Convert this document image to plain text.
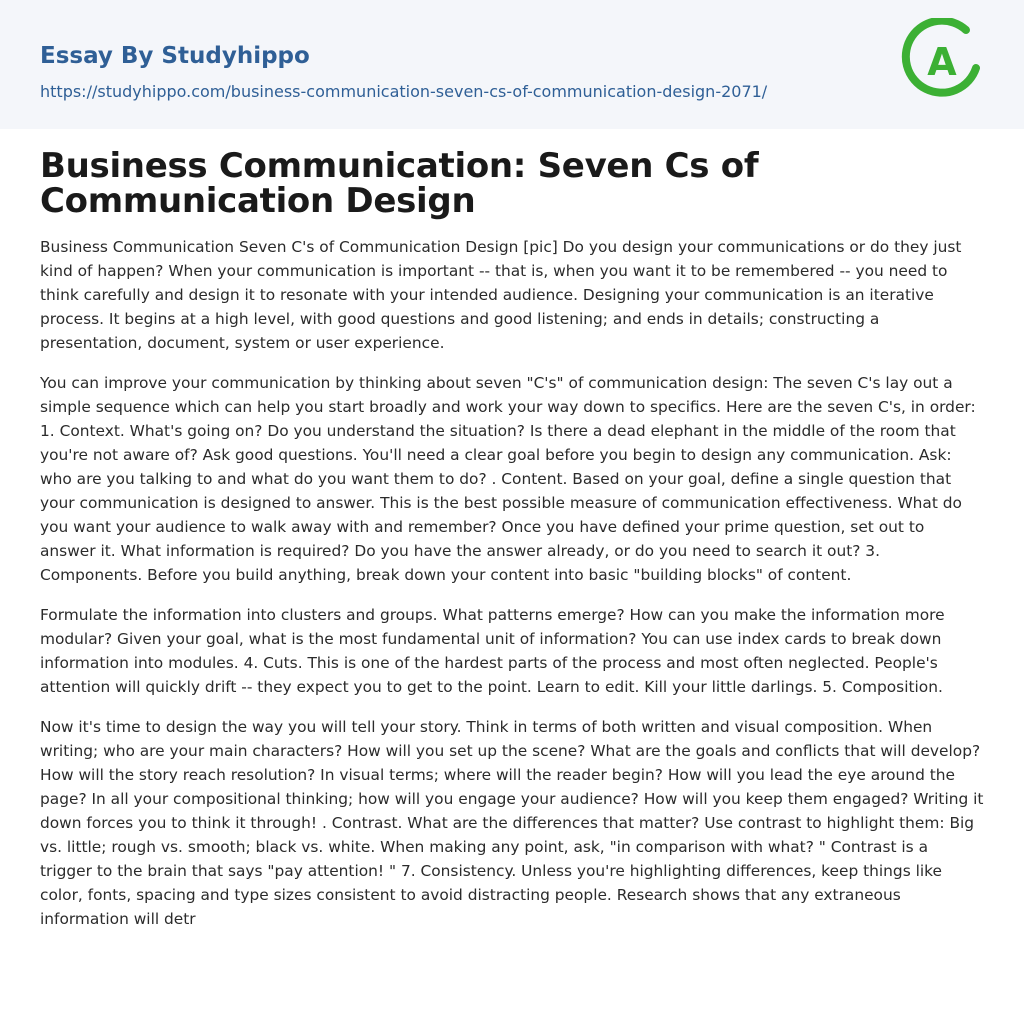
Essay By Studyhippo
https://studyhippo.com/business-communication-seven-cs-of-communication-design-2071/
A
Business Communication: Seven Cs of Communication Design

Business Communication Seven C's of Communication Design [pic] Do you design your communications or do they just kind of happen? When your communication is important -- that is, when you want it to be remembered -- you need to think carefully and design it to resonate with your intended audience. Designing your communication is an iterative process. It begins at a high level, with good questions and good listening; and ends in details; constructing a presentation, document, system or user experience.

You can improve your communication by thinking about seven "C's" of communication design: The seven C's lay out a simple sequence which can help you start broadly and work your way down to specifics. Here are the seven C's, in order: 1. Context. What's going on? Do you understand the situation? Is there a dead elephant in the middle of the room that you're not aware of? Ask good questions. You'll need a clear goal before you begin to design any communication. Ask: who are you talking to and what do you want them to do? . Content. Based on your goal, define a single question that your communication is designed to answer. This is the best possible measure of communication effectiveness. What do you want your audience to walk away with and remember? Once you have defined your prime question, set out to answer it. What information is required? Do you have the answer already, or do you need to search it out? 3. Components. Before you build anything, break down your content into basic "building blocks" of content.

Formulate the information into clusters and groups. What patterns emerge? How can you make the information more modular? Given your goal, what is the most fundamental unit of information? You can use index cards to break down information into modules. 4. Cuts. This is one of the hardest parts of the process and most often neglected. People's attention will quickly drift -- they expect you to get to the point. Learn to edit. Kill your little darlings. 5. Composition.

Now it's time to design the way you will tell your story. Think in terms of both written and visual composition. When writing; who are your main characters? How will you set up the scene? What are the goals and conflicts that will develop? How will the story reach resolution? In visual terms; where will the reader begin? How will you lead the eye around the page? In all your compositional thinking; how will you engage your audience? How will you keep them engaged? Writing it down forces you to think it through! . Contrast. What are the differences that matter? Use contrast to highlight them: Big vs. little; rough vs. smooth; black vs. white. When making any point, ask, "in comparison with what? " Contrast is a trigger to the brain that says "pay attention! " 7. Consistency. Unless you're highlighting differences, keep things like color, fonts, spacing and type sizes consistent to avoid distracting people. Research shows that any extraneous information will detr
